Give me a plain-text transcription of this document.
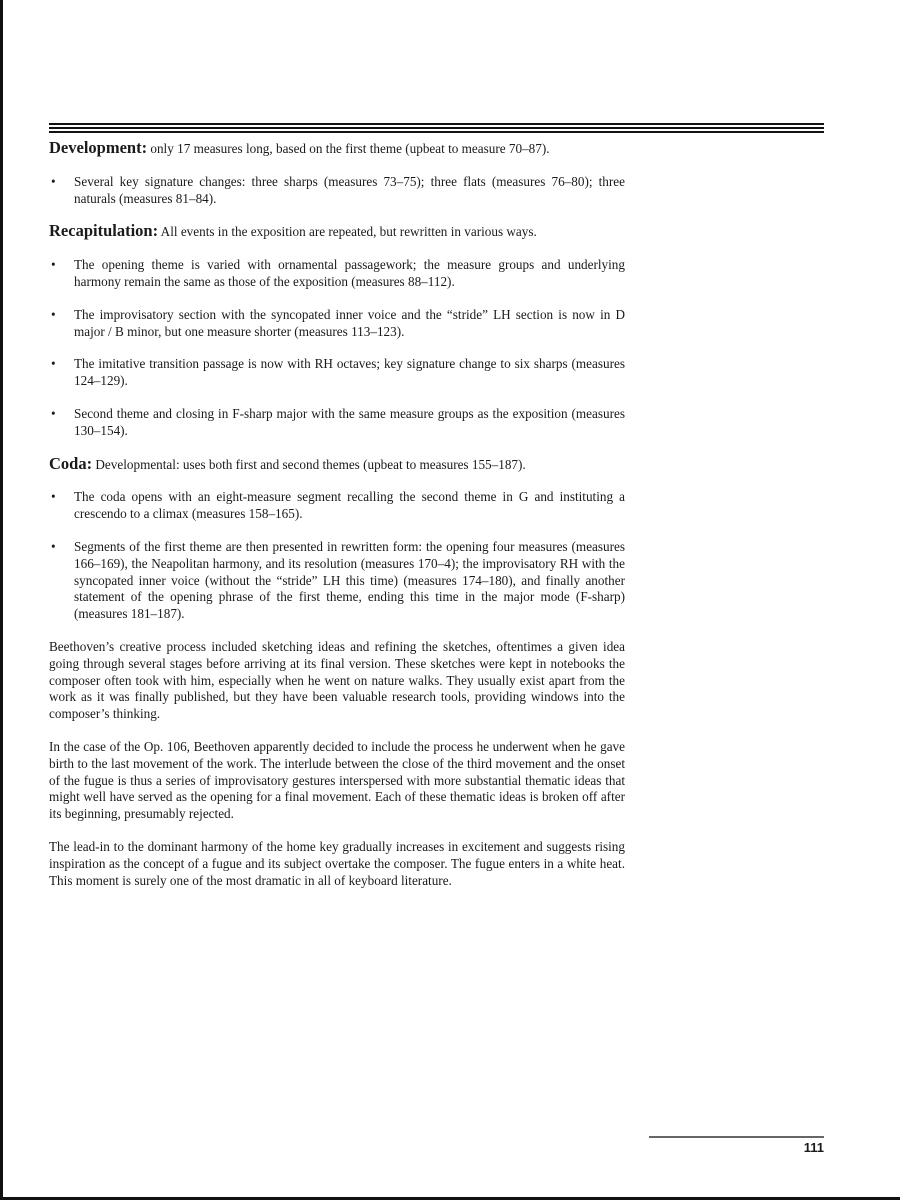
Development: only 17 measures long, based on the first theme (upbeat to measure 70–87).
• Several key signature changes: three sharps (measures 73–75); three flats (measures 76–80); three naturals (measures 81–84).
Recapitulation: All events in the exposition are repeated, but rewritten in various ways.
• The opening theme is varied with ornamental passagework; the measure groups and underlying harmony remain the same as those of the exposition (measures 88–112).
• The improvisatory section with the syncopated inner voice and the “stride” LH section is now in D major / B minor, but one measure shorter (measures 113–123).
• The imitative transition passage is now with RH octaves; key signature change to six sharps (measures 124–129).
• Second theme and closing in F-sharp major with the same measure groups as the exposition (measures 130–154).
Coda: Developmental: uses both first and second themes (upbeat to measures 155–187).
• The coda opens with an eight-measure segment recalling the second theme in G and instituting a crescendo to a climax (measures 158–165).
• Segments of the first theme are then presented in rewritten form: the opening four measures (measures 166–169), the Neapolitan harmony, and its resolution (measures 170–4); the improvisatory RH with the syncopated inner voice (without the “stride” LH this time) (measures 174–180), and finally another statement of the opening phrase of the first theme, ending this time in the major mode (F-sharp) (measures 181–187).

Beethoven’s creative process included sketching ideas and refining the sketches, oftentimes a given idea going through several stages before arriving at its final version. These sketches were kept in notebooks the composer often took with him, especially when he went on nature walks. They usually exist apart from the work as it was finally published, but they have been valuable research tools, providing windows into the composer’s thinking.

In the case of the Op. 106, Beethoven apparently decided to include the process he underwent when he gave birth to the last movement of the work. The interlude between the close of the third movement and the onset of the fugue is thus a series of improvisatory gestures interspersed with more substantial thematic ideas that might well have served as the opening for a final movement. Each of these thematic ideas is broken off after its beginning, presumably rejected.

The lead-in to the dominant harmony of the home key gradually increases in excitement and suggests rising inspiration as the concept of a fugue and its subject overtake the composer. The fugue enters in a white heat. This moment is surely one of the most dramatic in all of keyboard literature.

111
